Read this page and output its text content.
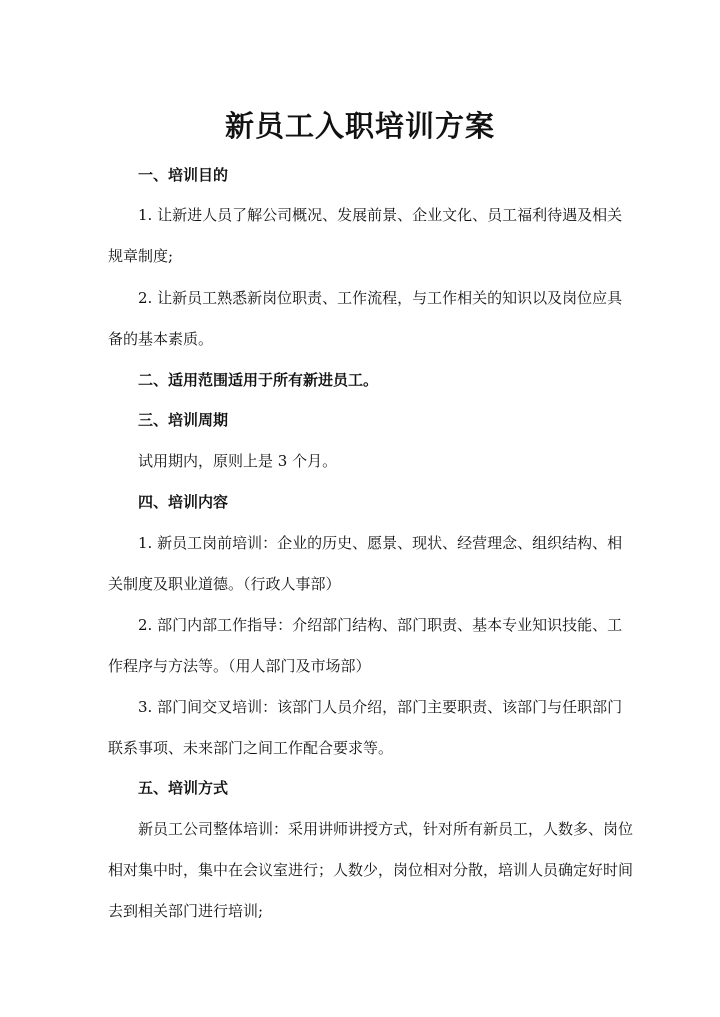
新员工入职培训方案

一、培训目的

1. 让新进人员了解公司概况、发展前景、企业文化、员工福利待遇及相关

规章制度;

2. 让新员工熟悉新岗位职责、工作流程，与工作相关的知识以及岗位应具

备的基本素质。

二、适用范围适用于所有新进员工。

三、培训周期

试用期内，原则上是 3 个月。

四、培训内容

1. 新员工岗前培训：企业的历史、愿景、现状、经营理念、组织结构、相

关制度及职业道德。（行政人事部）

2. 部门内部工作指导：介绍部门结构、部门职责、基本专业知识技能、工

作程序与方法等。（用人部门及市场部）

3. 部门间交叉培训：该部门人员介绍，部门主要职责、该部门与任职部门

联系事项、未来部门之间工作配合要求等。

五、培训方式

新员工公司整体培训：采用讲师讲授方式，针对所有新员工，人数多、岗位

相对集中时，集中在会议室进行；人数少，岗位相对分散，培训人员确定好时间

去到相关部门进行培训;
